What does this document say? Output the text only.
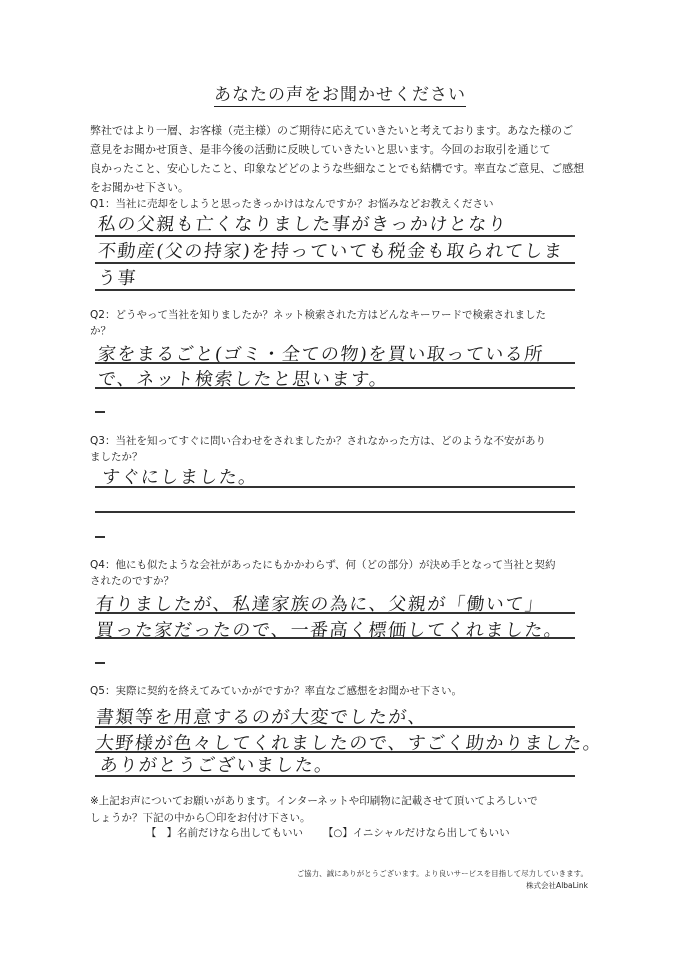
あなたの声をお聞かせください
弊社ではより一層、お客様（売主様）のご期待に応えていきたいと考えております。あなた様のご
意見をお聞かせ頂き、是非今後の活動に反映していきたいと思います。今回のお取引を通じて
良かったこと、安心したこと、印象などどのような些細なことでも結構です。率直なご意見、ご感想
をお聞かせ下さい。
Q1：当社に売却をしようと思ったきっかけはなんですか？お悩みなどお教えください
私の父親も亡くなりました事がきっかけとなり
不動産(父の持家)を持っていても税金も取られてしま
う事
Q2：どうやって当社を知りましたか？ネット検索された方はどんなキーワードで検索されました
か？
家をまるごと(ゴミ・全ての物)を買い取っている所
で、ネット検索したと思います。
Q3：当社を知ってすぐに問い合わせをされましたか？されなかった方は、どのような不安があり
ましたか？
すぐにしました。
Q4：他にも似たような会社があったにもかかわらず、何（どの部分）が決め手となって当社と契約
されたのですか？
有りましたが、私達家族の為に、父親が「働いて」
買った家だったので、一番高く標価してくれました。
Q5：実際に契約を終えてみていかがですか？率直なご感想をお聞かせ下さい。
書類等を用意するのが大変でしたが、
大野様が色々してくれましたので、すごく助かりました。
ありがとうございました。
※上記お声についてお願いがあります。インターネットや印刷物に記載させて頂いてよろしいで
しょうか？下記の中から〇印をお付け下さい。
【 】名前だけなら出してもいい 【○】イニシャルだけなら出してもいい
ご協力、誠にありがとうございます。より良いサービスを目指して尽力していきます。
株式会社AlbaLink
